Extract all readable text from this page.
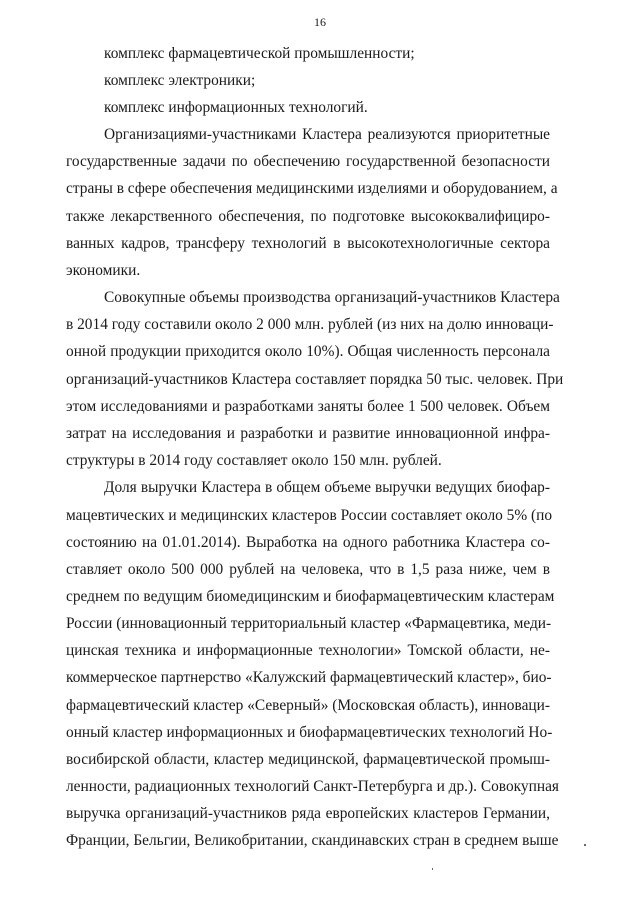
16
комплекс фармацевтической промышленности;
комплекс электроники;
комплекс информационных технологий.
Организациями-участниками Кластера реализуются приоритетные
государственные задачи по обеспечению государственной безопасности
страны в сфере обеспечения медицинскими изделиями и оборудованием, а
также лекарственного обеспечения, по подготовке высококвалифициро-
ванных кадров, трансферу технологий в высокотехнологичные сектора
экономики.
Совокупные объемы производства организаций-участников Кластера
в 2014 году составили около 2 000 млн. рублей (из них на долю инноваци-
онной продукции приходится около 10%). Общая численность персонала
организаций-участников Кластера составляет порядка 50 тыс. человек. При
этом исследованиями и разработками заняты более 1 500 человек. Объем
затрат на исследования и разработки и развитие инновационной инфра-
структуры в 2014 году составляет около 150 млн. рублей.
Доля выручки Кластера в общем объеме выручки ведущих биофар-
мацевтических и медицинских кластеров России составляет около 5% (по
состоянию на 01.01.2014). Выработка на одного работника Кластера со-
ставляет около 500 000 рублей на человека, что в 1,5 раза ниже, чем в
среднем по ведущим биомедицинским и биофармацевтическим кластерам
России (инновационный территориальный кластер «Фармацевтика, меди-
цинская техника и информационные технологии» Томской области, не-
коммерческое партнерство «Калужский фармацевтический кластер», био-
фармацевтический кластер «Северный» (Московская область), инноваци-
онный кластер информационных и биофармацевтических технологий Но-
восибирской области, кластер медицинской, фармацевтической промыш-
ленности, радиационных технологий Санкт-Петербурга и др.). Совокупная
выручка организаций-участников ряда европейских кластеров Германии,
Франции, Бельгии, Великобритании, скандинавских стран в среднем выше
